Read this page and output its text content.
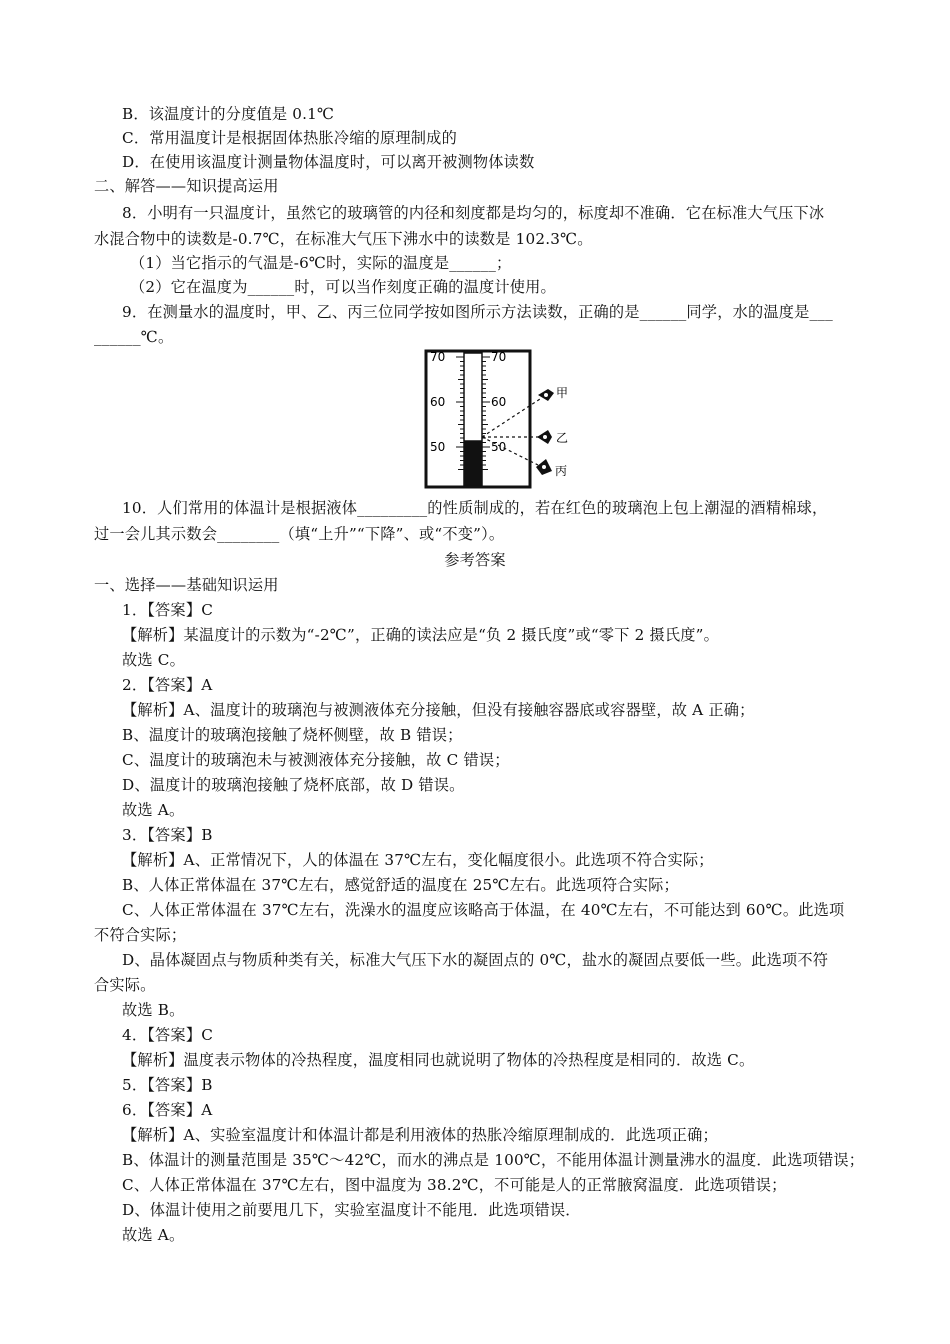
B．该温度计的分度值是 0.1℃
C．常用温度计是根据固体热胀冷缩的原理制成的
D．在使用该温度计测量物体温度时，可以离开被测物体读数
二、解答——知识提高运用
8．小明有一只温度计，虽然它的玻璃管的内径和刻度都是均匀的，标度却不准确．它在标准大气压下冰
水混合物中的读数是-0.7℃，在标准大气压下沸水中的读数是 102.3℃。
（1）当它指示的气温是-6℃时，实际的温度是______；
（2）它在温度为______时，可以当作刻度正确的温度计使用。
9．在测量水的温度时，甲、乙、丙三位同学按如图所示方法读数，正确的是______同学，水的温度是___
______℃。
70
60
50
70
60
50
甲
乙
丙
10．人们常用的体温计是根据液体_________的性质制成的，若在红色的玻璃泡上包上潮湿的酒精棉球，
过一会儿其示数会________（填“上升”“下降”、或“不变”）。
参考答案
一、选择——基础知识运用
1．【答案】C
【解析】某温度计的示数为“-2℃”，正确的读法应是“负 2 摄氏度”或“零下 2 摄氏度”。
故选 C。
2．【答案】A
【解析】A、温度计的玻璃泡与被测液体充分接触，但没有接触容器底或容器壁，故 A 正确；
B、温度计的玻璃泡接触了烧杯侧壁，故 B 错误；
C、温度计的玻璃泡未与被测液体充分接触，故 C 错误；
D、温度计的玻璃泡接触了烧杯底部，故 D 错误。
故选 A。
3．【答案】B
【解析】A、正常情况下，人的体温在 37℃左右，变化幅度很小。此选项不符合实际；
B、人体正常体温在 37℃左右，感觉舒适的温度在 25℃左右。此选项符合实际；
C、人体正常体温在 37℃左右，洗澡水的温度应该略高于体温，在 40℃左右，不可能达到 60℃。此选项
不符合实际；
D、晶体凝固点与物质种类有关，标准大气压下水的凝固点的 0℃，盐水的凝固点要低一些。此选项不符
合实际。
故选 B。
4．【答案】C
【解析】温度表示物体的冷热程度，温度相同也就说明了物体的冷热程度是相同的．故选 C。
5．【答案】B
6．【答案】A
【解析】A、实验室温度计和体温计都是利用液体的热胀冷缩原理制成的．此选项正确；
B、体温计的测量范围是 35℃～42℃，而水的沸点是 100℃，不能用体温计测量沸水的温度．此选项错误；
C、人体正常体温在 37℃左右，图中温度为 38.2℃，不可能是人的正常腋窝温度．此选项错误；
D、体温计使用之前要甩几下，实验室温度计不能甩．此选项错误．
故选 A。
